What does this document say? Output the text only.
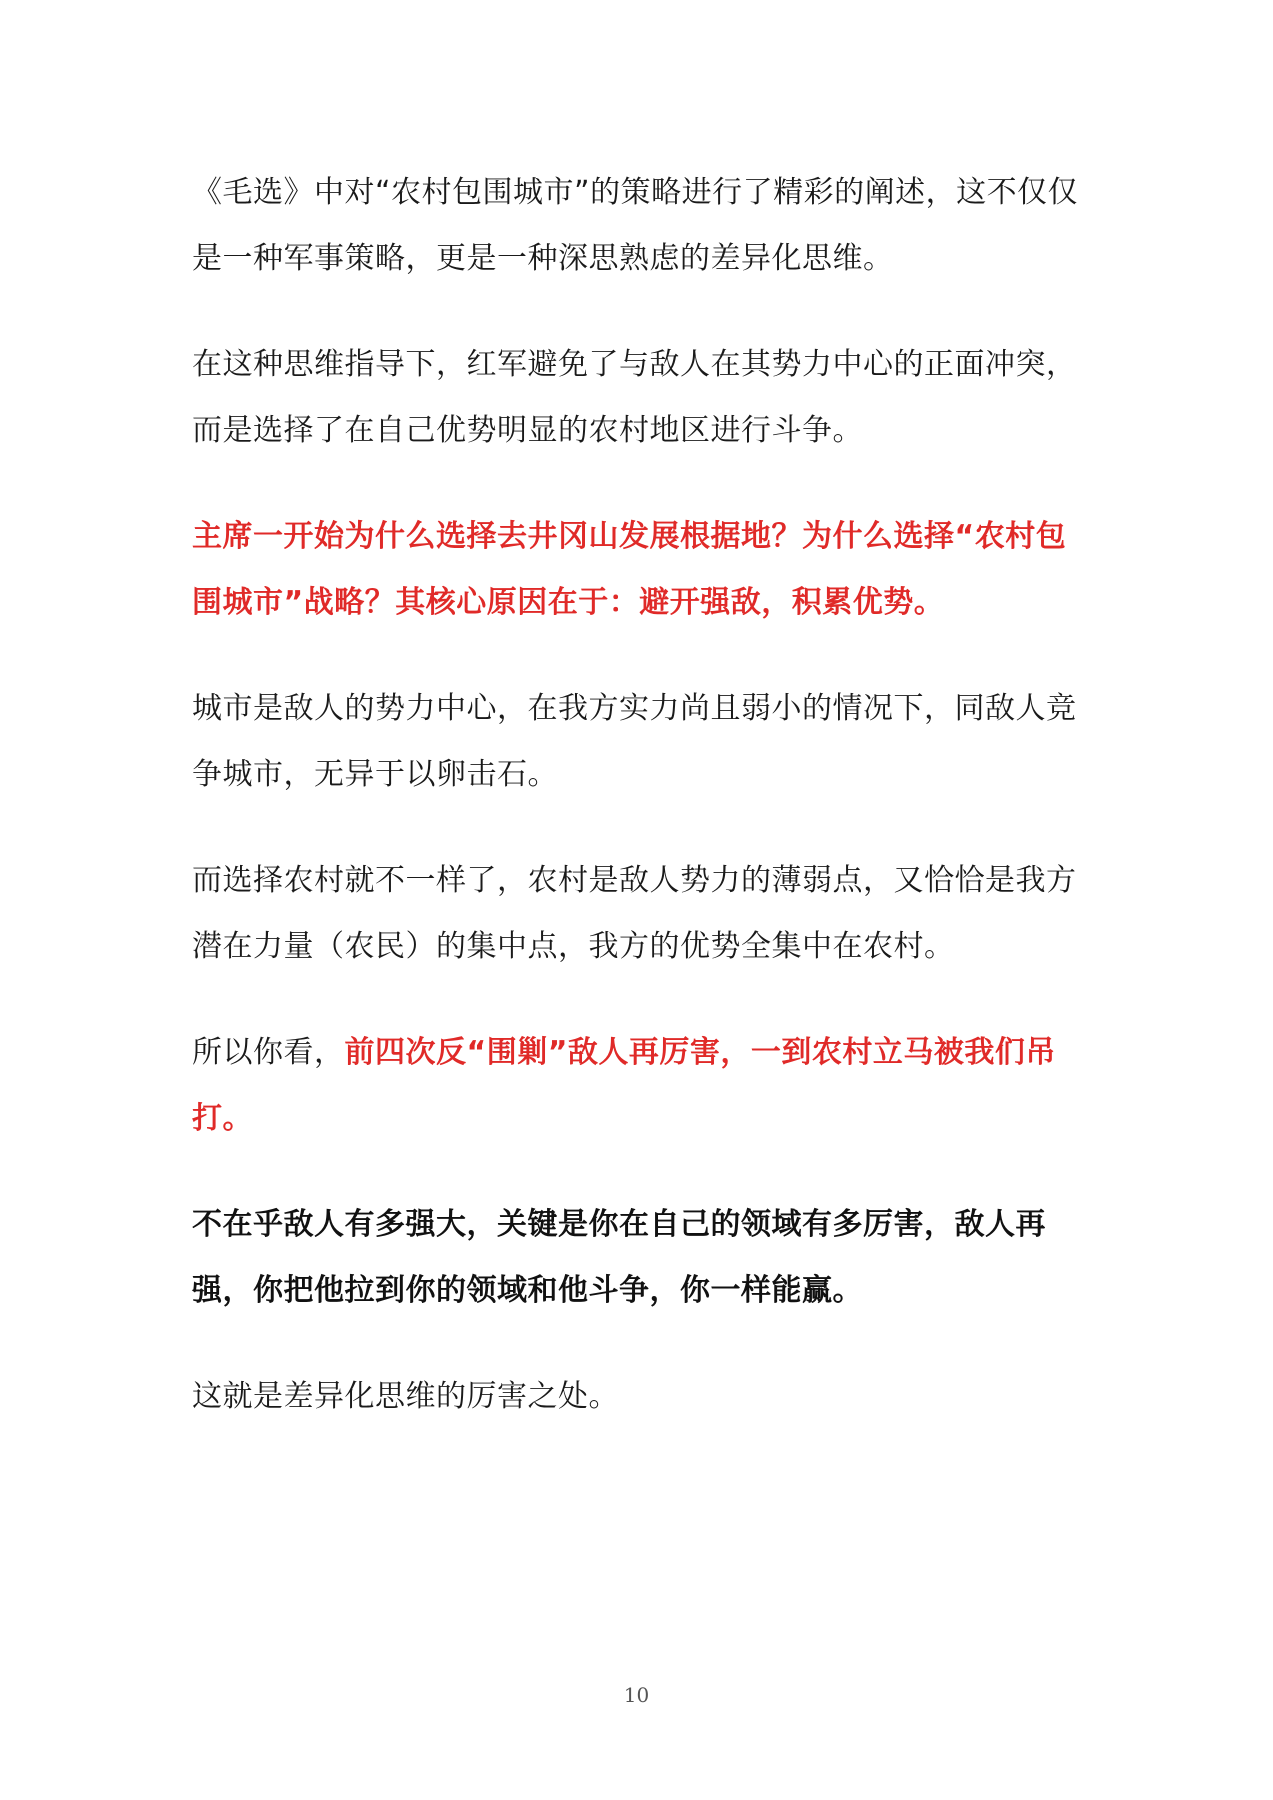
《毛选》中对“农村包围城市”的策略进行了精彩的阐述，这不仅仅是一种军事策略，更是一种深思熟虑的差异化思维。

在这种思维指导下，红军避免了与敌人在其势力中心的正面冲突，而是选择了在自己优势明显的农村地区进行斗争。

主席一开始为什么选择去井冈山发展根据地？为什么选择“农村包围城市”战略？其核心原因在于：避开强敌，积累优势。

城市是敌人的势力中心，在我方实力尚且弱小的情况下，同敌人竞争城市，无异于以卵击石。

而选择农村就不一样了，农村是敌人势力的薄弱点，又恰恰是我方潜在力量（农民）的集中点，我方的优势全集中在农村。

所以你看，前四次反“围剿”敌人再厉害，一到农村立马被我们吊打。

不在乎敌人有多强大，关键是你在自己的领域有多厉害，敌人再强，你把他拉到你的领域和他斗争，你一样能赢。

这就是差异化思维的厉害之处。

10
